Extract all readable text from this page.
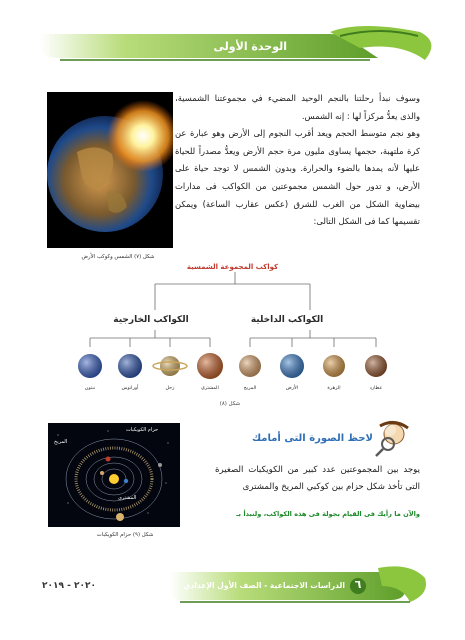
الوحدة الأولى

وسوف نبدأ رحلتنا بالنجم الوحيد المضيء في مجموعتنا الشمسية، والذى يعدُّ مركزاً لها : إنه الشمس.

وهو نجم متوسط الحجم ويعد أقرب النجوم إلى الأرض وهو عبارة عن كرة ملتهبة، حجمها يساوى مليون مرة حجم الأرض ويعدُّ مصدراً للحياة عليها لأنه يمدها بالضوء والحرارة. وبدون الشمس لا توجد حياة على الأرض، و تدور حول الشمس مجموعتين من الكواكب فى مدارات بيضاوية الشكل من الغرب للشرق (عكس عقارب الساعة) ويمكن تقسيمها كما فى الشكل التالى:

شكل (٧) الشمس وكوكب الأرض
كواكب المجموعة الشمسية
الكواكب الخارجية	الكواكب الداخلية
نبتون	أورانوس	زحل	المشتري	المريخ	الأرض	الزهرة	عطارد
شكل (٨)
المريخ
حزام الكويكبات
المشترى
شكل (٩) حزام الكويكبات
لاحظ الصورة التى أمامك

يوجد بين المجموعتين عدد كبير من الكويكبات الصغيرة التى تأخذ شكل حزام بين كوكبي المريخ والمشترى

والآن ما رأيك فى القيام بجولة فى هذه الكواكب، ولنبدأ بـ
الدراسات الاجتماعية - الصف الأول الإعدادي ٦
٢٠٢٠ - ٢٠١٩
